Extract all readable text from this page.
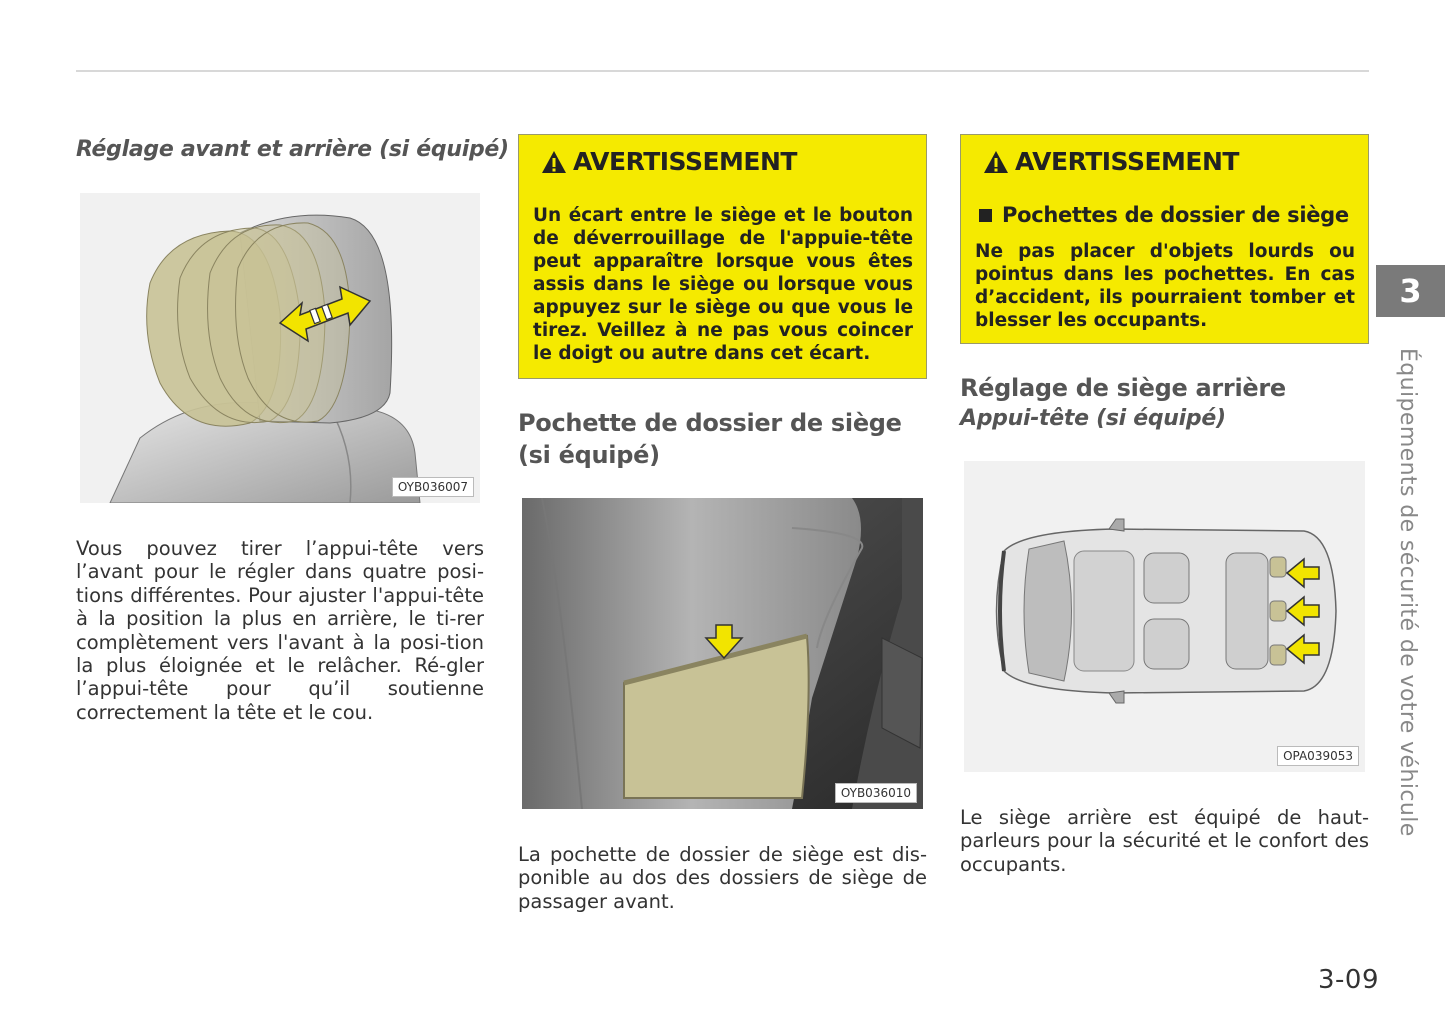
Réglage avant et arrière (si équipé)
OYB036007
Vous pouvez tirer l’appui-tête vers l’avant pour le régler dans quatre posi-tions différentes. Pour ajuster l'appui-tête à la position la plus en arrière, le ti-rer complètement vers l'avant à la posi-tion la plus éloignée et le relâcher. Ré-gler l’appui-tête pour qu’il soutienne correctement la tête et le cou.
AVERTISSEMENT
Un écart entre le siège et le bouton de déverrouillage de l'appuie-tête peut apparaître lorsque vous êtes assis dans le siège ou lorsque vous appuyez sur le siège ou que vous le tirez. Veillez à ne pas vous coincer le doigt ou autre dans cet écart.
Pochette de dossier de siège (si équipé)
OYB036010
La pochette de dossier de siège est dis-ponible au dos des dossiers de siège de passager avant.
AVERTISSEMENT
Pochettes de dossier de siège
Ne pas placer d'objets lourds ou pointus dans les pochettes. En cas d’accident, ils pourraient tomber et blesser les occupants.
Réglage de siège arrière
Appui-tête (si équipé)
OPA039053
Le siège arrière est équipé de haut-parleurs pour la sécurité et le confort des occupants.
3
Équipements de sécurité de votre véhicule
3-09
